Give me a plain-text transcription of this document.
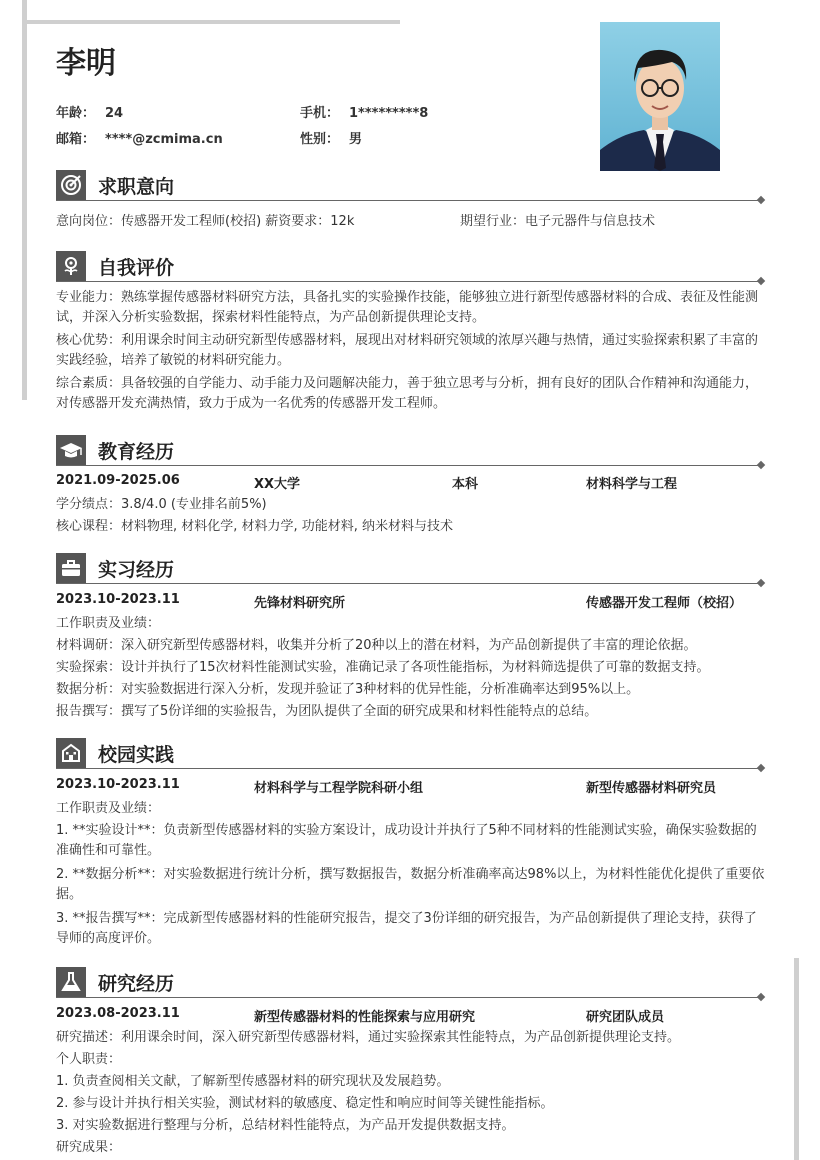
李明
年龄： 24	手机： 1*********8
邮箱： ****@zcmima.cn	性别： 男
求职意向
意向岗位：传感器开发工程师(校招) 薪资要求：12k	期望行业：电子元器件与信息技术
自我评价
专业能力：熟练掌握传感器材料研究方法，具备扎实的实验操作技能，能够独立进行新型传感器材料的合成、表征及性能测试，并深入分析实验数据，探索材料性能特点，为产品创新提供理论支持。
核心优势：利用课余时间主动研究新型传感器材料，展现出对材料研究领域的浓厚兴趣与热情，通过实验探索积累了丰富的实践经验，培养了敏锐的材料研究能力。
综合素质：具备较强的自学能力、动手能力及问题解决能力，善于独立思考与分析，拥有良好的团队合作精神和沟通能力，对传感器开发充满热情，致力于成为一名优秀的传感器开发工程师。
教育经历
2021.09-2025.06	XX大学	本科	材料科学与工程
学分绩点：3.8/4.0 (专业排名前5%)
核心课程：材料物理, 材料化学, 材料力学, 功能材料, 纳米材料与技术
实习经历
2023.10-2023.11	先锋材料研究所	传感器开发工程师（校招）
工作职责及业绩：
材料调研：深入研究新型传感器材料，收集并分析了20种以上的潜在材料，为产品创新提供了丰富的理论依据。
实验探索：设计并执行了15次材料性能测试实验，准确记录了各项性能指标，为材料筛选提供了可靠的数据支持。
数据分析：对实验数据进行深入分析，发现并验证了3种材料的优异性能，分析准确率达到95%以上。
报告撰写：撰写了5份详细的实验报告，为团队提供了全面的研究成果和材料性能特点的总结。
校园实践
2023.10-2023.11	材料科学与工程学院科研小组	新型传感器材料研究员
工作职责及业绩：
1. **实验设计**：负责新型传感器材料的实验方案设计，成功设计并执行了5种不同材料的性能测试实验，确保实验数据的准确性和可靠性。
2. **数据分析**：对实验数据进行统计分析，撰写数据报告，数据分析准确率高达98%以上，为材料性能优化提供了重要依据。
3. **报告撰写**：完成新型传感器材料的性能研究报告，提交了3份详细的研究报告，为产品创新提供了理论支持，获得了导师的高度评价。
研究经历
2023.08-2023.11	新型传感器材料的性能探索与应用研究	研究团队成员
研究描述：利用课余时间，深入研究新型传感器材料，通过实验探索其性能特点，为产品创新提供理论支持。
个人职责：
1. 负责查阅相关文献，了解新型传感器材料的研究现状及发展趋势。
2. 参与设计并执行相关实验，测试材料的敏感度、稳定性和响应时间等关键性能指标。
3. 对实验数据进行整理与分析，总结材料性能特点，为产品开发提供数据支持。
研究成果：
